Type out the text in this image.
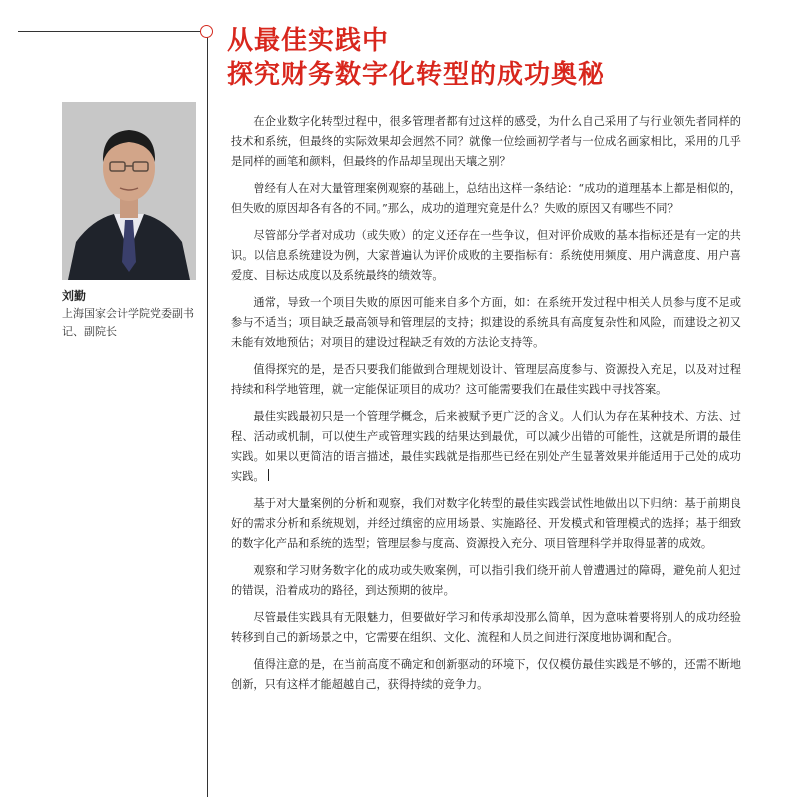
从最佳实践中
探究财务数字化转型的成功奥秘
刘勤
上海国家会计学院党委副书记、副院长

在企业数字化转型过程中，很多管理者都有过这样的感受，为什么自己采用了与行业领先者同样的技术和系统，但最终的实际效果却会迥然不同？就像一位绘画初学者与一位成名画家相比，采用的几乎是同样的画笔和颜料，但最终的作品却呈现出天壤之别？

曾经有人在对大量管理案例观察的基础上，总结出这样一条结论：“成功的道理基本上都是相似的，但失败的原因却各有各的不同。”那么，成功的道理究竟是什么？失败的原因又有哪些不同？

尽管部分学者对成功（或失败）的定义还存在一些争议，但对评价成败的基本指标还是有一定的共识。以信息系统建设为例，大家普遍认为评价成败的主要指标有：系统使用频度、用户满意度、用户喜爱度、目标达成度以及系统最终的绩效等。

通常，导致一个项目失败的原因可能来自多个方面，如：在系统开发过程中相关人员参与度不足或参与不适当；项目缺乏最高领导和管理层的支持；拟建设的系统具有高度复杂性和风险，而建设之初又未能有效地预估；对项目的建设过程缺乏有效的方法论支持等。

值得探究的是，是否只要我们能做到合理规划设计、管理层高度参与、资源投入充足，以及对过程持续和科学地管理，就一定能保证项目的成功？这可能需要我们在最佳实践中寻找答案。

最佳实践最初只是一个管理学概念，后来被赋予更广泛的含义。人们认为存在某种技术、方法、过程、活动或机制，可以使生产或管理实践的结果达到最优，可以减少出错的可能性，这就是所谓的最佳实践。如果以更简洁的语言描述，最佳实践就是指那些已经在别处产生显著效果并能适用于己处的成功实践。

基于对大量案例的分析和观察，我们对数字化转型的最佳实践尝试性地做出以下归纳：基于前期良好的需求分析和系统规划，并经过缜密的应用场景、实施路径、开发模式和管理模式的选择；基于细致的数字化产品和系统的选型；管理层参与度高、资源投入充分、项目管理科学并取得显著的成效。

观察和学习财务数字化的成功或失败案例，可以指引我们绕开前人曾遭遇过的障碍，避免前人犯过的错误，沿着成功的路径，到达预期的彼岸。

尽管最佳实践具有无限魅力，但要做好学习和传承却没那么简单，因为意味着要将别人的成功经验转移到自己的新场景之中，它需要在组织、文化、流程和人员之间进行深度地协调和配合。

值得注意的是，在当前高度不确定和创新驱动的环境下，仅仅模仿最佳实践是不够的，还需不断地创新，只有这样才能超越自己，获得持续的竞争力。
